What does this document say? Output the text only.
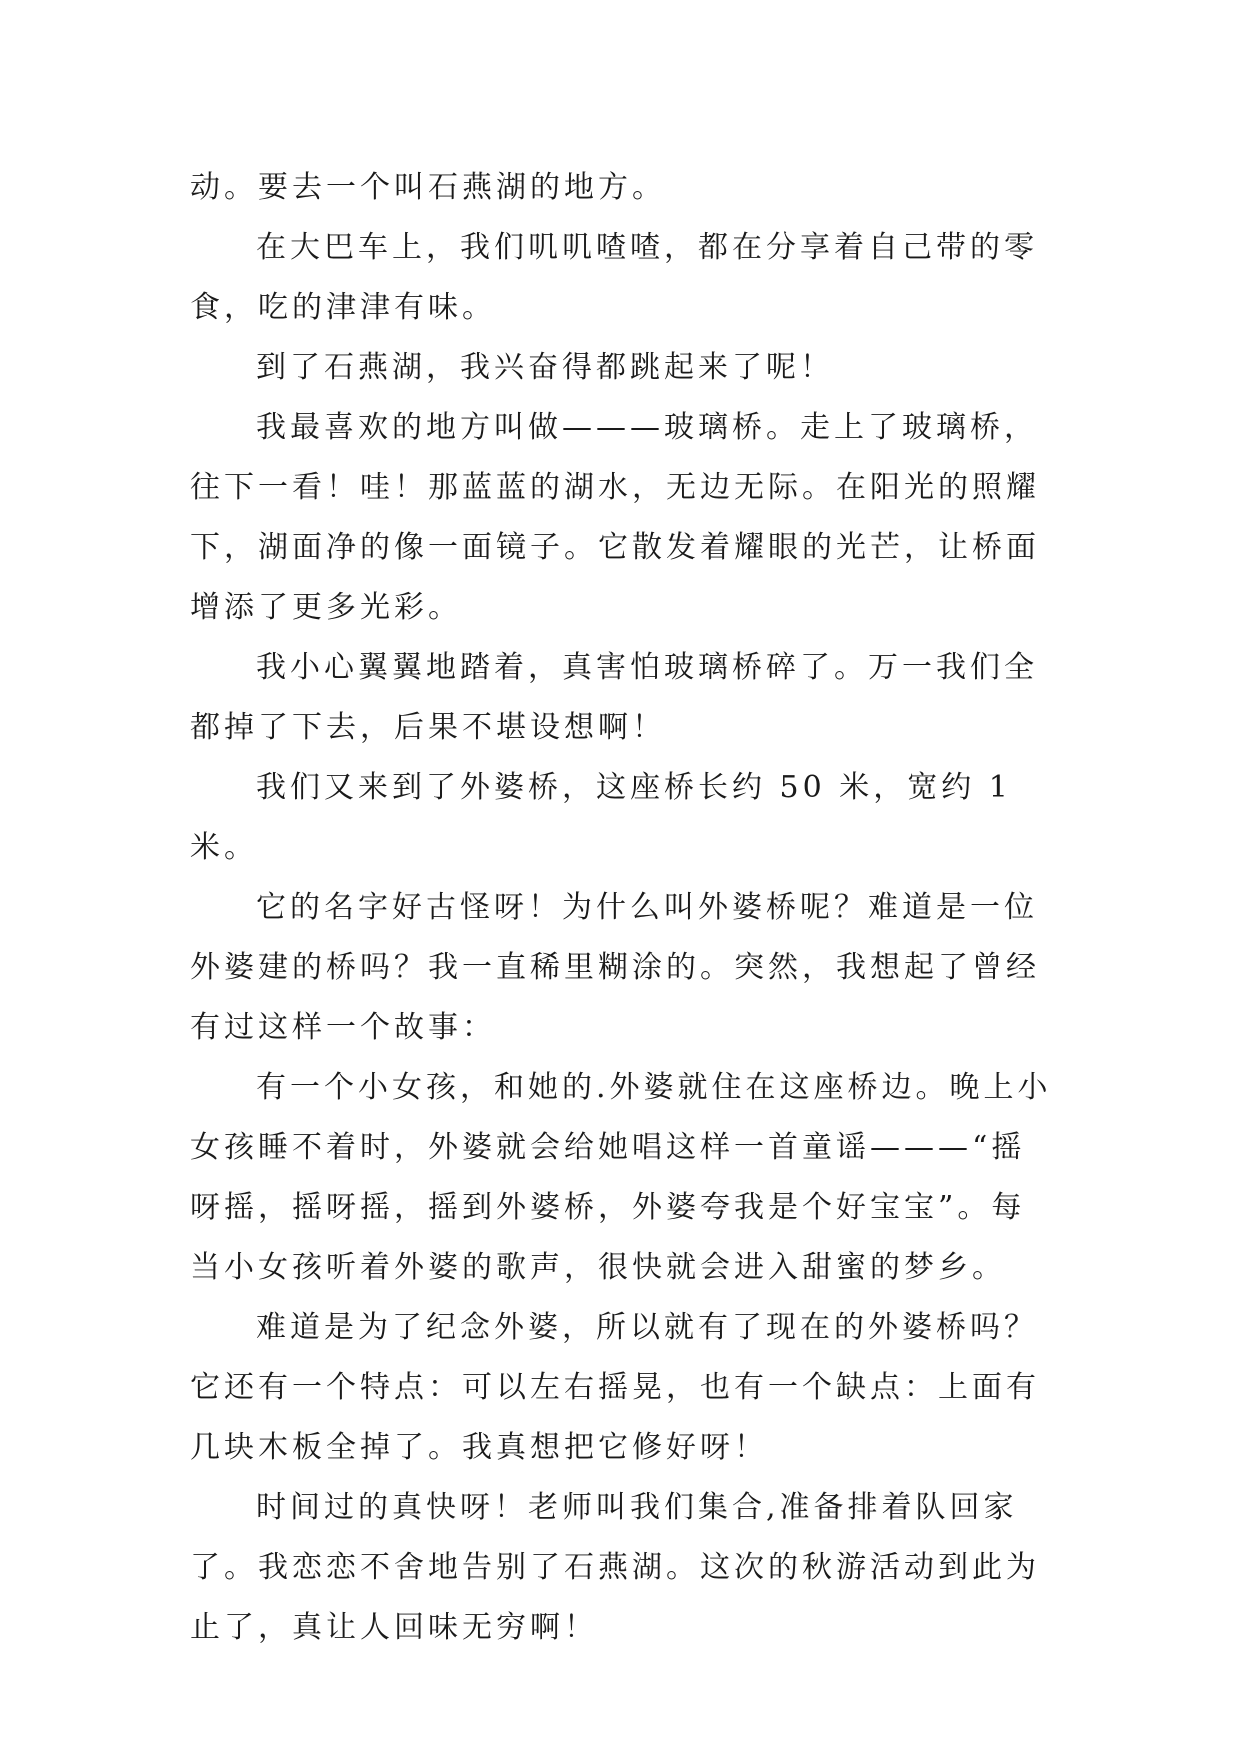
动。要去一个叫石燕湖的地方。

在大巴车上，我们叽叽喳喳，都在分享着自己带的零食，吃的津津有味。

到了石燕湖，我兴奋得都跳起来了呢！

我最喜欢的地方叫做———玻璃桥。走上了玻璃桥，往下一看！哇！那蓝蓝的湖水，无边无际。在阳光的照耀下，湖面净的像一面镜子。它散发着耀眼的光芒，让桥面增添了更多光彩。

我小心翼翼地踏着，真害怕玻璃桥碎了。万一我们全都掉了下去，后果不堪设想啊！

我们又来到了外婆桥，这座桥长约 50 米，宽约 1 米。

它的名字好古怪呀！为什么叫外婆桥呢？难道是一位外婆建的桥吗？我一直稀里糊涂的。突然，我想起了曾经有过这样一个故事：

有一个小女孩，和她的.外婆就住在这座桥边。晚上小女孩睡不着时，外婆就会给她唱这样一首童谣———“摇呀摇，摇呀摇，摇到外婆桥，外婆夸我是个好宝宝”。每当小女孩听着外婆的歌声，很快就会进入甜蜜的梦乡。

难道是为了纪念外婆，所以就有了现在的外婆桥吗？它还有一个特点：可以左右摇晃，也有一个缺点：上面有几块木板全掉了。我真想把它修好呀！

时间过的真快呀！老师叫我们集合,准备排着队回家了。我恋恋不舍地告别了石燕湖。这次的秋游活动到此为止了，真让人回味无穷啊！
